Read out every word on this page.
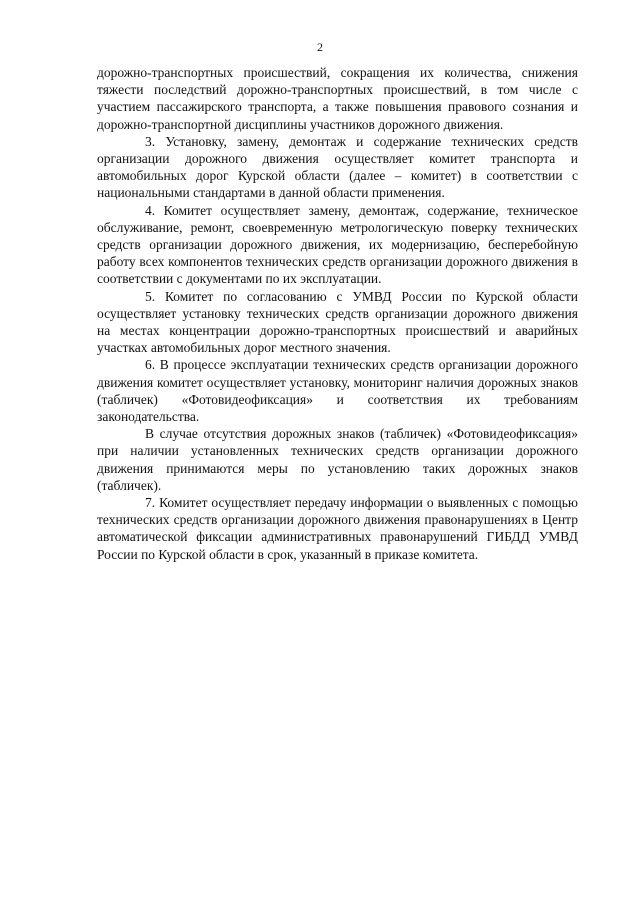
2

дорожно-транспортных происшествий, сокращения их количества, снижения тяжести последствий дорожно-транспортных происшествий, в том числе с участием пассажирского транспорта, а также повышения правового сознания и дорожно-транспортной дисциплины участников дорожного движения.

3. Установку, замену, демонтаж и содержание технических средств организации дорожного движения осуществляет комитет транспорта и автомобильных дорог Курской области (далее – комитет) в соответствии с национальными стандартами в данной области применения.

4. Комитет осуществляет замену, демонтаж, содержание, техническое обслуживание, ремонт, своевременную метрологическую поверку технических средств организации дорожного движения, их модернизацию, бесперебойную работу всех компонентов технических средств организации дорожного движения в соответствии с документами по их эксплуатации.

5. Комитет по согласованию с УМВД России по Курской области осуществляет установку технических средств организации дорожного движения на местах концентрации дорожно-транспортных происшествий и аварийных участках автомобильных дорог местного значения.

6. В процессе эксплуатации технических средств организации дорожного движения комитет осуществляет установку, мониторинг наличия дорожных знаков (табличек) «Фотовидеофиксация» и соответствия их требованиям законодательства.

В случае отсутствия дорожных знаков (табличек) «Фотовидеофиксация» при наличии установленных технических средств организации дорожного движения принимаются меры по установлению таких дорожных знаков (табличек).

7. Комитет осуществляет передачу информации о выявленных с помощью технических средств организации дорожного движения правонарушениях в Центр автоматической фиксации административных правонарушений ГИБДД УМВД России по Курской области в срок, указанный в приказе комитета.
